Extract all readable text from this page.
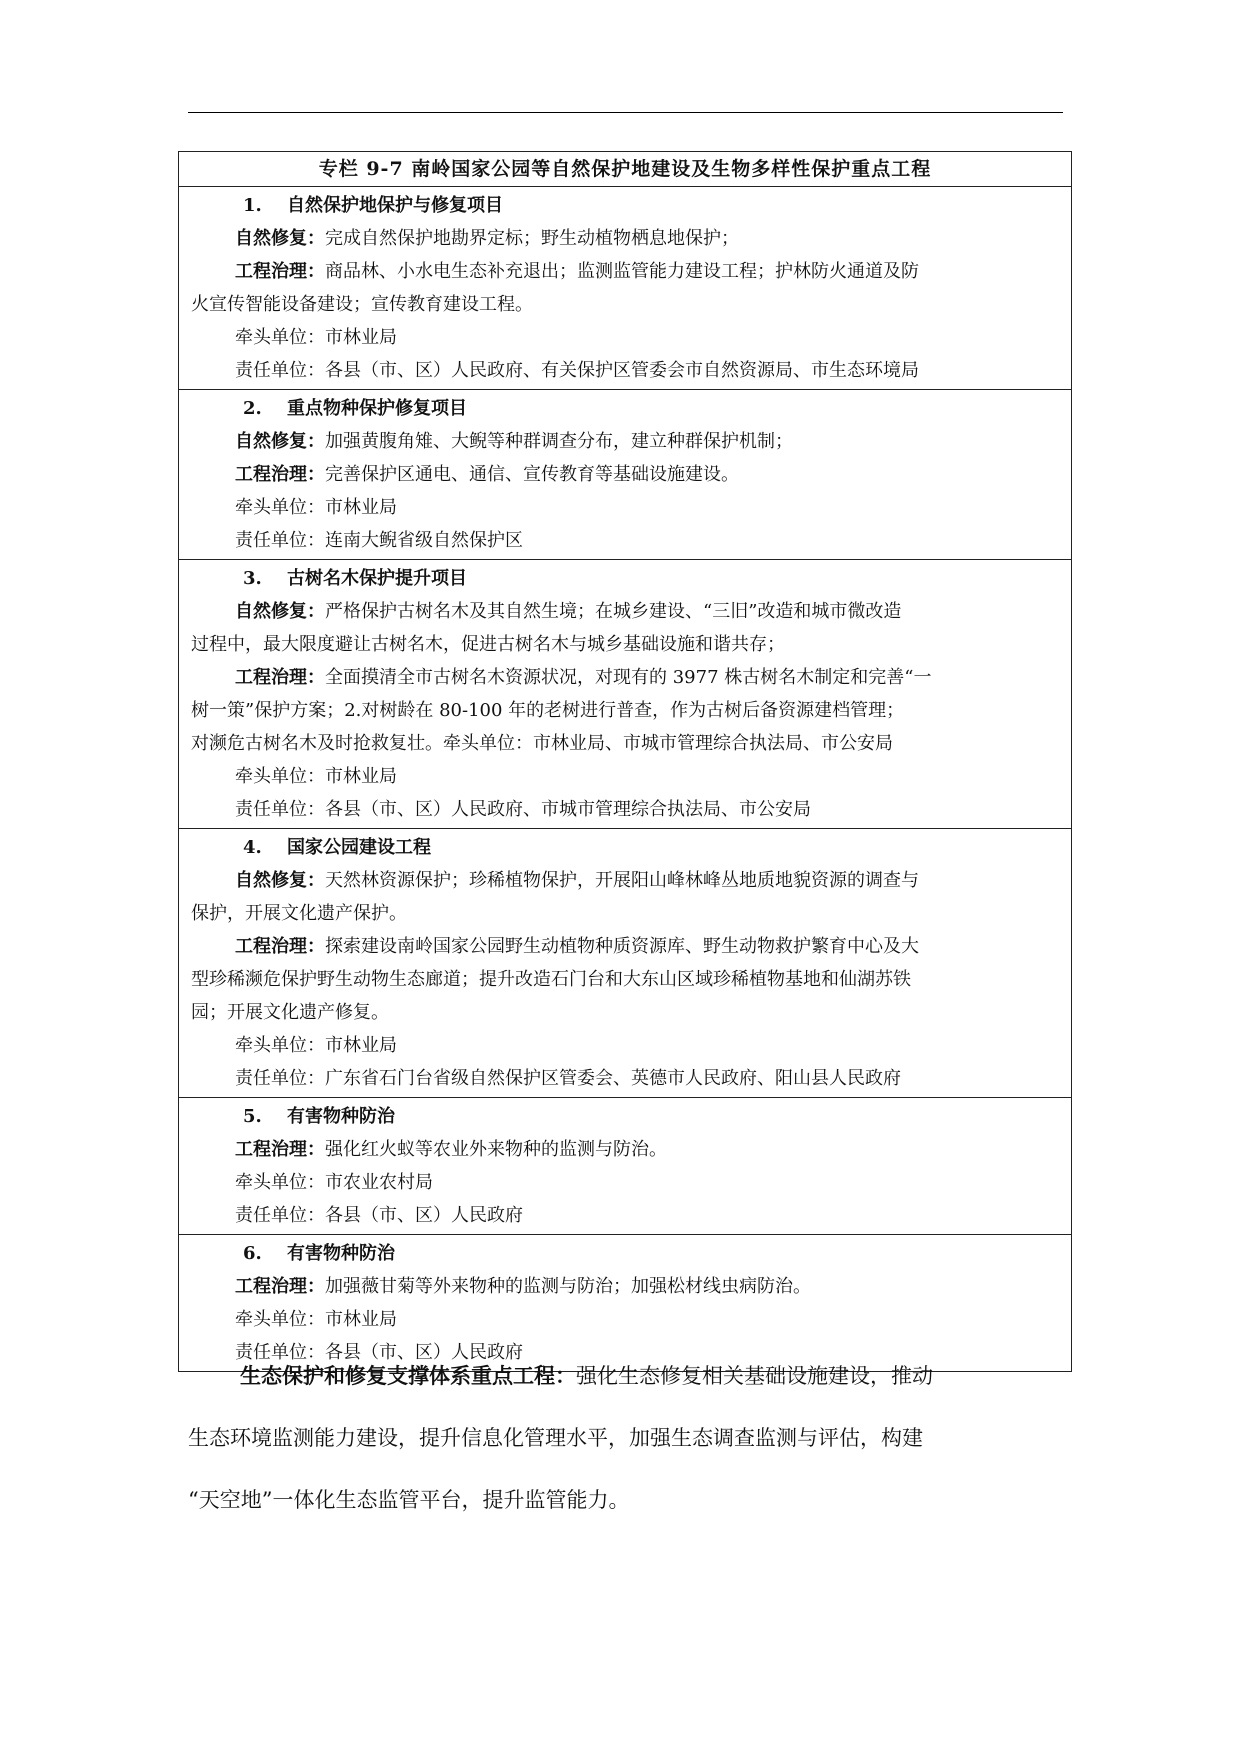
专栏 9-7 南岭国家公园等自然保护地建设及生物多样性保护重点工程
1. 自然保护地保护与修复项目
自然修复：完成自然保护地勘界定标；野生动植物栖息地保护；
工程治理：商品林、小水电生态补充退出；监测监管能力建设工程；护林防火通道及防
火宣传智能设备建设；宣传教育建设工程。
牵头单位：市林业局
责任单位：各县（市、区）人民政府、有关保护区管委会市自然资源局、市生态环境局
2. 重点物种保护修复项目
自然修复：加强黄腹角雉、大鲵等种群调查分布，建立种群保护机制；
工程治理：完善保护区通电、通信、宣传教育等基础设施建设。
牵头单位：市林业局
责任单位：连南大鲵省级自然保护区
3. 古树名木保护提升项目
自然修复：严格保护古树名木及其自然生境；在城乡建设、“三旧”改造和城市微改造
过程中，最大限度避让古树名木，促进古树名木与城乡基础设施和谐共存；
工程治理：全面摸清全市古树名木资源状况，对现有的 3977 株古树名木制定和完善“一
树一策”保护方案；2.对树龄在 80-100 年的老树进行普查，作为古树后备资源建档管理；
对濒危古树名木及时抢救复壮。牵头单位：市林业局、市城市管理综合执法局、市公安局
牵头单位：市林业局
责任单位：各县（市、区）人民政府、市城市管理综合执法局、市公安局
4. 国家公园建设工程
自然修复：天然林资源保护；珍稀植物保护，开展阳山峰林峰丛地质地貌资源的调查与
保护，开展文化遗产保护。
工程治理：探索建设南岭国家公园野生动植物种质资源库、野生动物救护繁育中心及大
型珍稀濒危保护野生动物生态廊道；提升改造石门台和大东山区域珍稀植物基地和仙湖苏铁
园；开展文化遗产修复。
牵头单位：市林业局
责任单位：广东省石门台省级自然保护区管委会、英德市人民政府、阳山县人民政府
5. 有害物种防治
工程治理：强化红火蚁等农业外来物种的监测与防治。
牵头单位：市农业农村局
责任单位：各县（市、区）人民政府
6. 有害物种防治
工程治理：加强薇甘菊等外来物种的监测与防治；加强松材线虫病防治。
牵头单位：市林业局
责任单位：各县（市、区）人民政府
生态保护和修复支撑体系重点工程：强化生态修复相关基础设施建设，推动
生态环境监测能力建设，提升信息化管理水平，加强生态调查监测与评估，构建
“天空地”一体化生态监管平台，提升监管能力。
